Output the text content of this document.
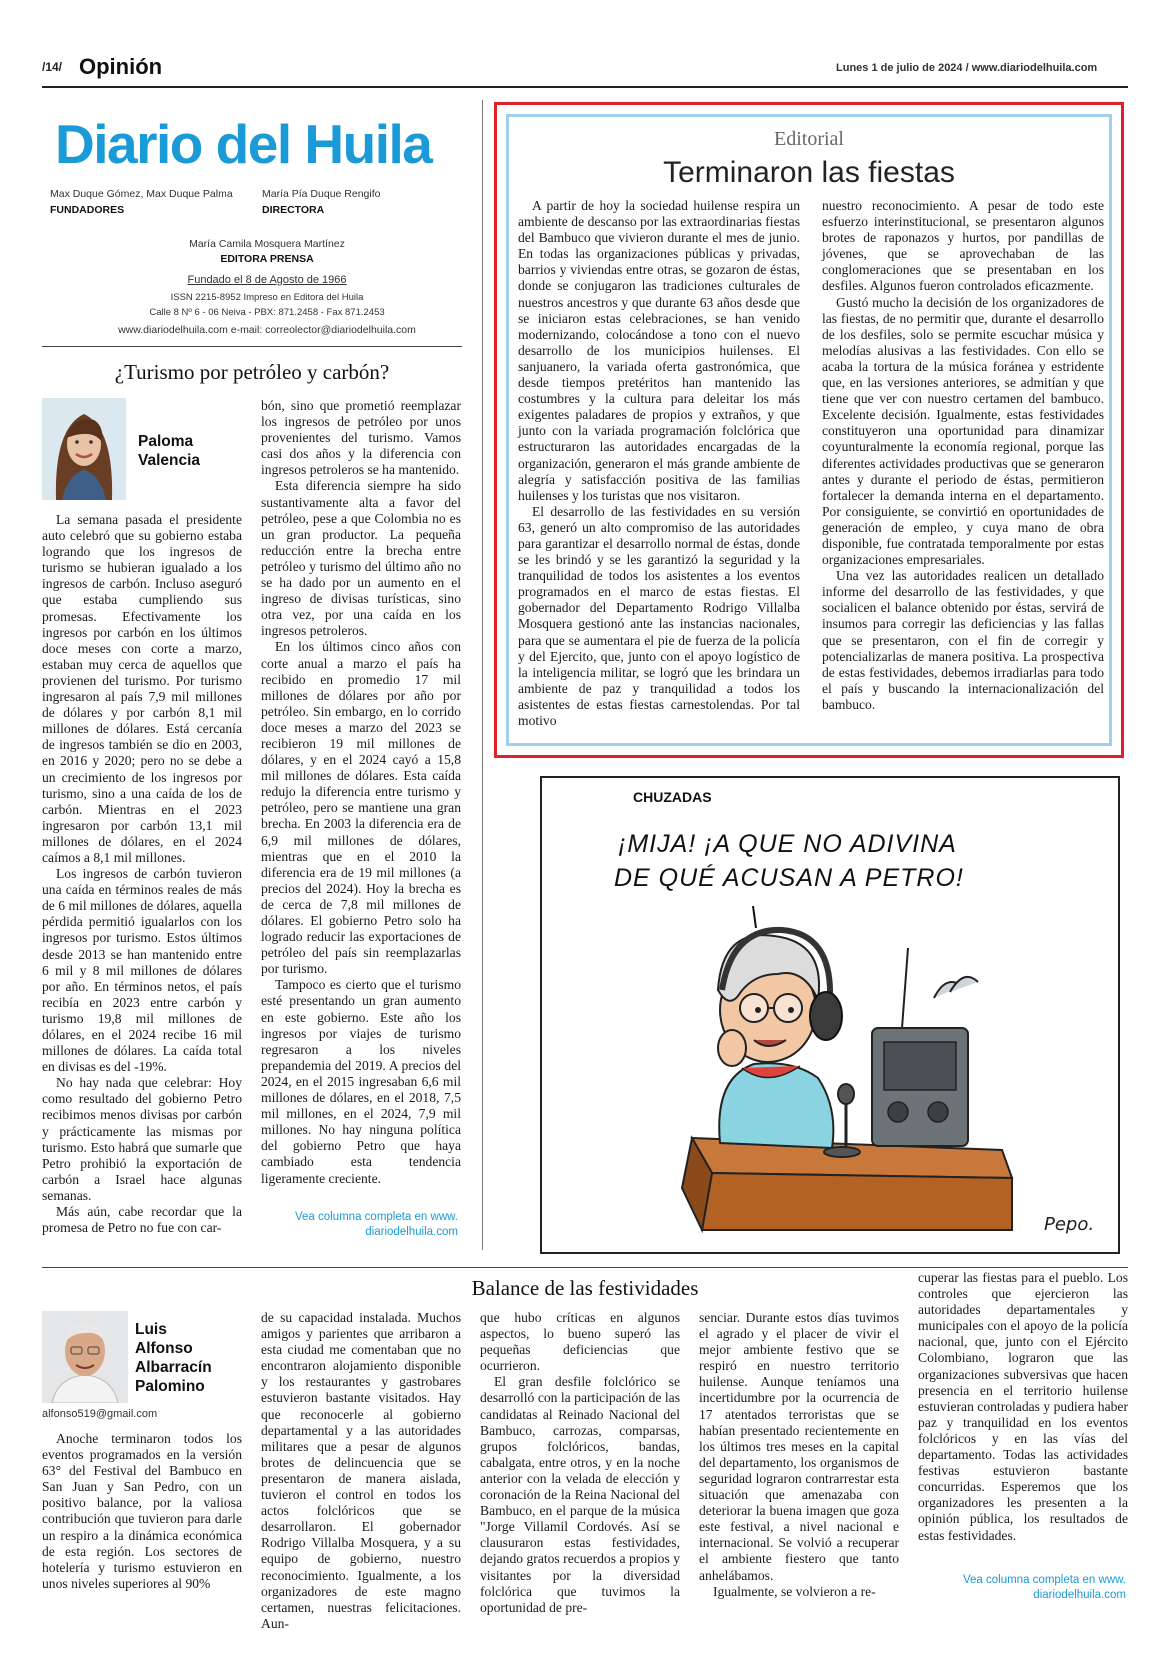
/14/ Opinión	Lunes 1 de julio de 2024 / www.diariodelhuila.com
Diario del Huila
Max Duque Gómez, Max Duque Palma
FUNDADORES
María Pía Duque Rengifo
DIRECTORA
María Camila Mosquera Martínez
EDITORA PRENSA
Fundado el 8 de Agosto de 1966
ISSN 2215-8952 Impreso en Editora del Huila
Calle 8 Nº 6 - 06 Neiva - PBX: 871.2458 - Fax 871.2453
www.diariodelhuila.com e-mail: correolector@diariodelhuila.com
¿Turismo por petróleo y carbón?
Paloma
Valencia

La semana pasada el presidente auto celebró que su gobierno estaba logrando que los ingresos de turismo se hubieran igualado a los ingresos de carbón. Incluso aseguró que estaba cumpliendo sus promesas. Efectivamente los ingresos por carbón en los últimos doce meses con corte a marzo, estaban muy cerca de aquellos que provienen del turismo. Por turismo ingresaron al país 7,9 mil millones de dólares y por carbón 8,1 mil millones de dólares. Está cercanía de ingresos también se dio en 2003, en 2016 y 2020; pero no se debe a un crecimiento de los ingresos por turismo, sino a una caída de los de carbón. Mientras en el 2023 ingresaron por carbón 13,1 mil millones de dólares, en el 2024 caímos a 8,1 mil millones.

Los ingresos de carbón tuvieron una caída en términos reales de más de 6 mil millones de dólares, aquella pérdida permitió igualarlos con los ingresos por turismo. Estos últimos desde 2013 se han mantenido entre 6 mil y 8 mil millones de dólares por año. En términos netos, el país recibía en 2023 entre carbón y turismo 19,8 mil millones de dólares, en el 2024 recibe 16 mil millones de dólares. La caída total en divisas es del -19%.

No hay nada que celebrar: Hoy como resultado del gobierno Petro recibimos menos divisas por carbón y prácticamente las mismas por turismo. Esto habrá que sumarle que Petro prohibió la exportación de carbón a Israel hace algunas semanas.

Más aún, cabe recordar que la promesa de Petro no fue con car-

bón, sino que prometió reemplazar los ingresos de petróleo por unos provenientes del turismo. Vamos casi dos años y la diferencia con ingresos petroleros se ha mantenido.

Esta diferencia siempre ha sido sustantivamente alta a favor del petróleo, pese a que Colombia no es un gran productor. La pequeña reducción entre la brecha entre petróleo y turismo del último año no se ha dado por un aumento en el ingreso de divisas turísticas, sino otra vez, por una caída en los ingresos petroleros.

En los últimos cinco años con corte anual a marzo el país ha recibido en promedio 17 mil millones de dólares por año por petróleo. Sin embargo, en lo corrido doce meses a marzo del 2023 se recibieron 19 mil millones de dólares, y en el 2024 cayó a 15,8 mil millones de dólares. Esta caída redujo la diferencia entre turismo y petróleo, pero se mantiene una gran brecha. En 2003 la diferencia era de 6,9 mil millones de dólares, mientras que en el 2010 la diferencia era de 19 mil millones (a precios del 2024). Hoy la brecha es de cerca de 7,8 mil millones de dólares. El gobierno Petro solo ha logrado reducir las exportaciones de petróleo del país sin reemplazarlas por turismo.

Tampoco es cierto que el turismo esté presentando un gran aumento en este gobierno. Este año los ingresos por viajes de turismo regresaron a los niveles prepandemia del 2019. A precios del 2024, en el 2015 ingresaban 6,6 mil millones de dólares, en el 2018, 7,5 mil millones, en el 2024, 7,9 mil millones. No hay ninguna política del gobierno Petro que haya cambiado esta tendencia ligeramente creciente.

Vea columna completa en www. diariodelhuila.com
Editorial
Terminaron las fiestas

A partir de hoy la sociedad huilense respira un ambiente de descanso por las extraordinarias fiestas del Bambuco que vivieron durante el mes de junio. En todas las organizaciones públicas y privadas, barrios y viviendas entre otras, se gozaron de éstas, donde se conjugaron las tradiciones culturales de nuestros ancestros y que durante 63 años desde que se iniciaron estas celebraciones, se han venido modernizando, colocándose a tono con el nuevo desarrollo de los municipios huilenses. El sanjuanero, la variada oferta gastronómica, que desde tiempos pretéritos han mantenido las costumbres y la cultura para deleitar los más exigentes paladares de propios y extraños, y que junto con la variada programación folclórica que estructuraron las autoridades encargadas de la organización, generaron el más grande ambiente de alegría y satisfacción positiva de las familias huilenses y los turistas que nos visitaron.

El desarrollo de las festividades en su versión 63, generó un alto compromiso de las autoridades para garantizar el desarrollo normal de éstas, donde se les brindó y se les garantizó la seguridad y la tranquilidad de todos los asistentes a los eventos programados en el marco de estas fiestas. El gobernador del Departamento Rodrigo Villalba Mosquera gestionó ante las instancias nacionales, para que se aumentara el pie de fuerza de la policía y del Ejercito, que, junto con el apoyo logístico de la inteligencia militar, se logró que les brindara un ambiente de paz y tranquilidad a todos los asistentes de estas fiestas carnestolendas. Por tal motivo

nuestro reconocimiento. A pesar de todo este esfuerzo interinstitucional, se presentaron algunos brotes de raponazos y hurtos, por pandillas de jóvenes, que se aprovechaban de las conglomeraciones que se presentaban en los desfiles. Algunos fueron controlados eficazmente.

Gustó mucho la decisión de los organizadores de las fiestas, de no permitir que, durante el desarrollo de los desfiles, solo se permite escuchar música y melodías alusivas a las festividades. Con ello se acaba la tortura de la música foránea y estridente que, en las versiones anteriores, se admitían y que tiene que ver con nuestro certamen del bambuco. Excelente decisión. Igualmente, estas festividades constituyeron una oportunidad para dinamizar coyunturalmente la economía regional, porque las diferentes actividades productivas que se generaron antes y durante el periodo de éstas, permitieron fortalecer la demanda interna en el departamento. Por consiguiente, se convirtió en oportunidades de generación de empleo, y cuya mano de obra disponible, fue contratada temporalmente por estas organizaciones empresariales.

Una vez las autoridades realicen un detallado informe del desarrollo de las festividades, y que socialicen el balance obtenido por éstas, servirá de insumos para corregir las deficiencias y las fallas que se presentaron, con el fin de corregir y potencializarlas de manera positiva. La prospectiva de estas festividades, debemos irradiarlas para todo el país y buscando la internacionalización del bambuco.

CHUZADAS
¡MIJA! ¡A QUE NO ADIVINA
DE QUÉ ACUSAN A PETRO!
Pepo.
Balance de las festividades
Luis
Alfonso
Albarracín
Palomino
alfonso519@gmail.com

Anoche terminaron todos los eventos programados en la versión 63° del Festival del Bambuco en San Juan y San Pedro, con un positivo balance, por la valiosa contribución que tuvieron para darle un respiro a la dinámica económica de esta región. Los sectores de hotelería y turismo estuvieron en unos niveles superiores al 90%

de su capacidad instalada. Muchos amigos y parientes que arribaron a esta ciudad me comentaban que no encontraron alojamiento disponible y los restaurantes y gastrobares estuvieron bastante visitados. Hay que reconocerle al gobierno departamental y a las autoridades militares que a pesar de algunos brotes de delincuencia que se presentaron de manera aislada, tuvieron el control en todos los actos folclóricos que se desarrollaron. El gobernador Rodrigo Villalba Mosquera, y a su equipo de gobierno, nuestro reconocimiento. Igualmente, a los organizadores de este magno certamen, nuestras felicitaciones. Aun-

que hubo críticas en algunos aspectos, lo bueno superó las pequeñas deficiencias que ocurrieron.

El gran desfile folclórico se desarrolló con la participación de las candidatas al Reinado Nacional del Bambuco, carrozas, comparsas, grupos folclóricos, bandas, cabalgata, entre otros, y en la noche anterior con la velada de elección y coronación de la Reina Nacional del Bambuco, en el parque de la música "Jorge Villamil Cordovés. Así se clausuraron estas festividades, dejando gratos recuerdos a propios y visitantes por la diversidad folclórica que tuvimos la oportunidad de pre-

senciar. Durante estos días tuvimos el agrado y el placer de vivir el mejor ambiente festivo que se respiró en nuestro territorio huilense. Aunque teníamos una incertidumbre por la ocurrencia de 17 atentados terroristas que se habían presentado recientemente en los últimos tres meses en la capital del departamento, los organismos de seguridad lograron contrarrestar esta situación que amenazaba con deteriorar la buena imagen que goza este festival, a nivel nacional e internacional. Se volvió a recuperar el ambiente fiestero que tanto anhelábamos.

Igualmente, se volvieron a re-

cuperar las fiestas para el pueblo. Los controles que ejercieron las autoridades departamentales y municipales con el apoyo de la policía nacional, que, junto con el Ejército Colombiano, lograron que las organizaciones subversivas que hacen presencia en el territorio huilense estuvieran controladas y pudiera haber paz y tranquilidad en los eventos folclóricos y en las vías del departamento. Todas las actividades festivas estuvieron bastante concurridas. Esperemos que los organizadores les presenten a la opinión pública, los resultados de estas festividades.

Vea columna completa en www. diariodelhuila.com
